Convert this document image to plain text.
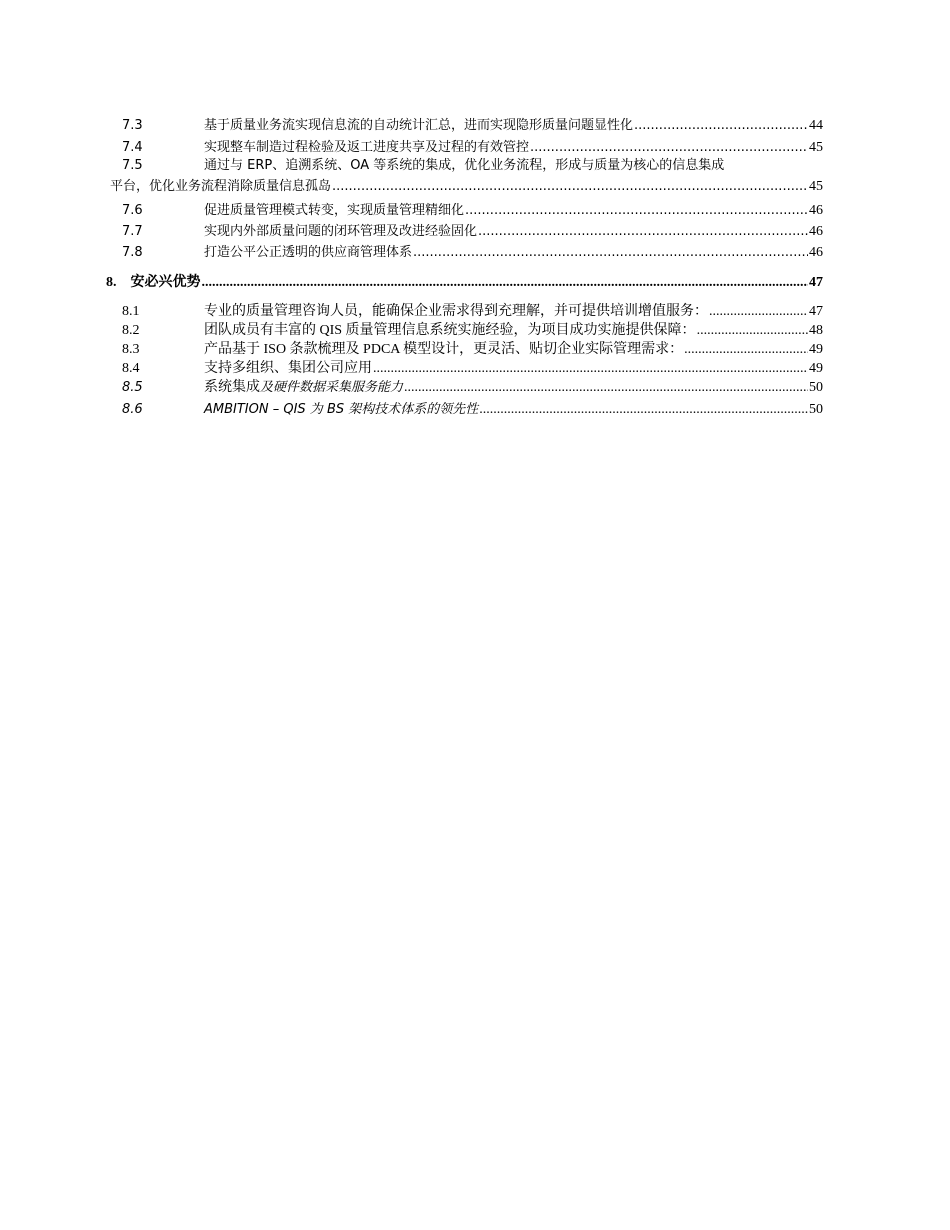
7.3	基于质量业务流实现信息流的自动统计汇总，进而实现隐形质量问题显性化 .....	44
7.4	实现整车制造过程检验及返工进度共享及过程的有效管控 .....	45
7.5	通过与 ERP、追溯系统、OA 等系统的集成，优化业务流程，形成与质量为核心的信息集成
平台，优化业务流程消除质量信息孤岛 .....	45
7.6	促进质量管理模式转变，实现质量管理精细化 .....	46
7.7	实现内外部质量问题的闭环管理及改进经验固化 .....	46
7.8	打造公平公正透明的供应商管理体系 .....	46
8.	安必兴优势 .....	47
8.1	专业的质量管理咨询人员，能确保企业需求得到充理解，并可提供培训增值服务： .....	47
8.2	团队成员有丰富的 QIS 质量管理信息系统实施经验，为项目成功实施提供保障： .....	48
8.3	产品基于 ISO 条款梳理及 PDCA 模型设计，更灵活、贴切企业实际管理需求： .....	49
8.4	支持多组织、集团公司应用 .....	49
8.5	系统集成 及硬件数据采集服务能力 .....	50
8.6	AMBITION – QIS 为 BS 架构技术体系的领先性 .....	50
